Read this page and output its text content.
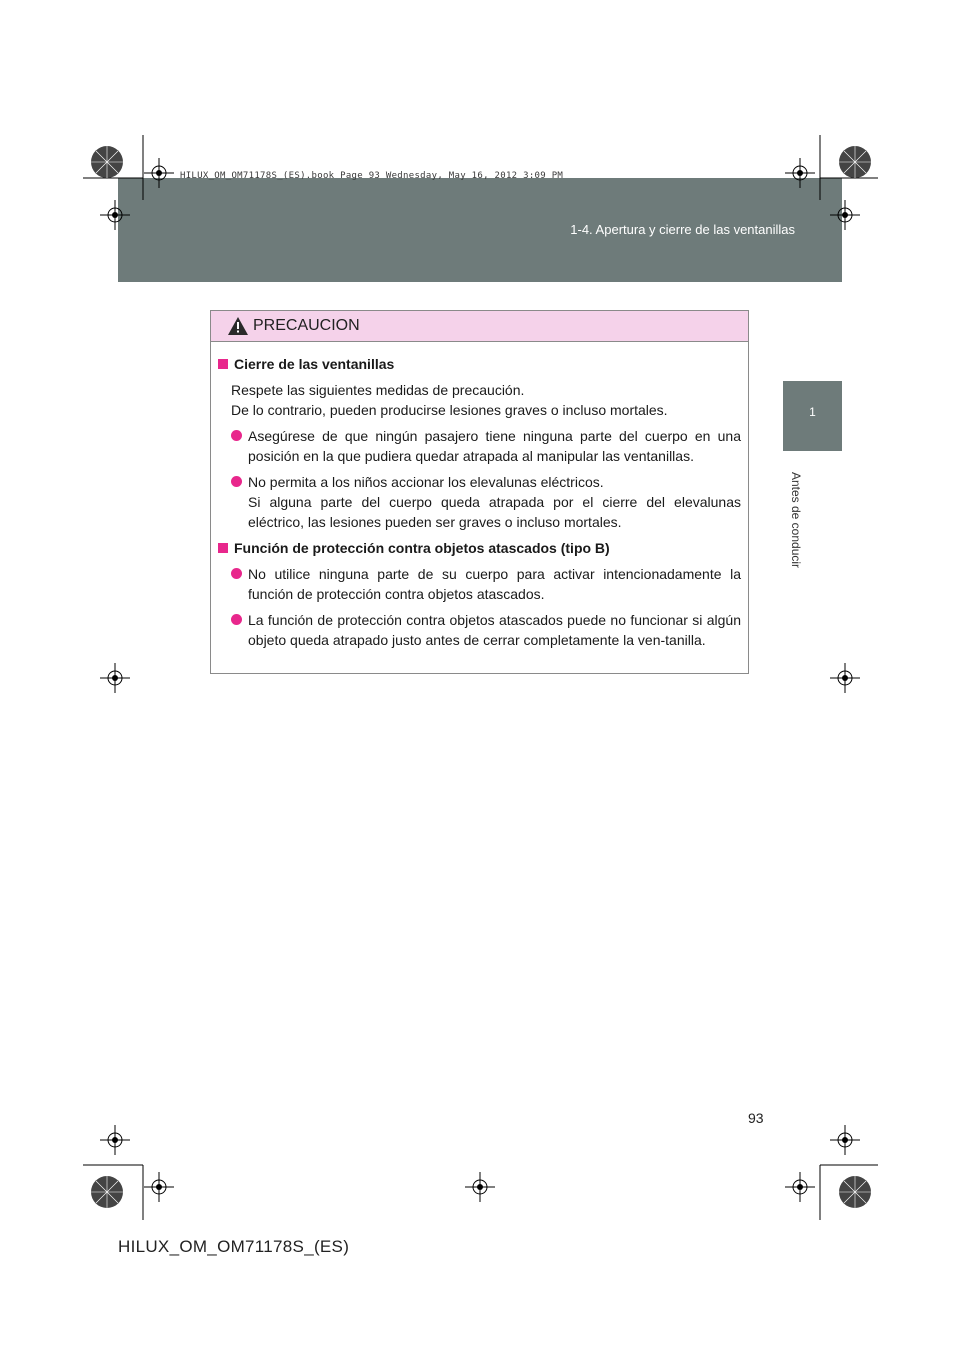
HILUX_OM_OM71178S_(ES).book Page 93 Wednesday, May 16, 2012 3:09 PM
1-4. Apertura y cierre de las ventanillas
1
Antes de conducir
PRECAUCION
Cierre de las ventanillas
Respete las siguientes medidas de precaución.
De lo contrario, pueden producirse lesiones graves o incluso mortales.
Asegúrese de que ningún pasajero tiene ninguna parte del cuerpo en una posición en la que pudiera quedar atrapada al manipular las ventanillas.
No permita a los niños accionar los elevalunas eléctricos.
Si alguna parte del cuerpo queda atrapada por el cierre del elevalunas eléctrico, las lesiones pueden ser graves o incluso mortales.
Función de protección contra objetos atascados (tipo B)
No utilice ninguna parte de su cuerpo para activar intencionadamente la función de protección contra objetos atascados.
La función de protección contra objetos atascados puede no funcionar si algún objeto queda atrapado justo antes de cerrar completamente la ven-tanilla.
93
HILUX_OM_OM71178S_(ES)
